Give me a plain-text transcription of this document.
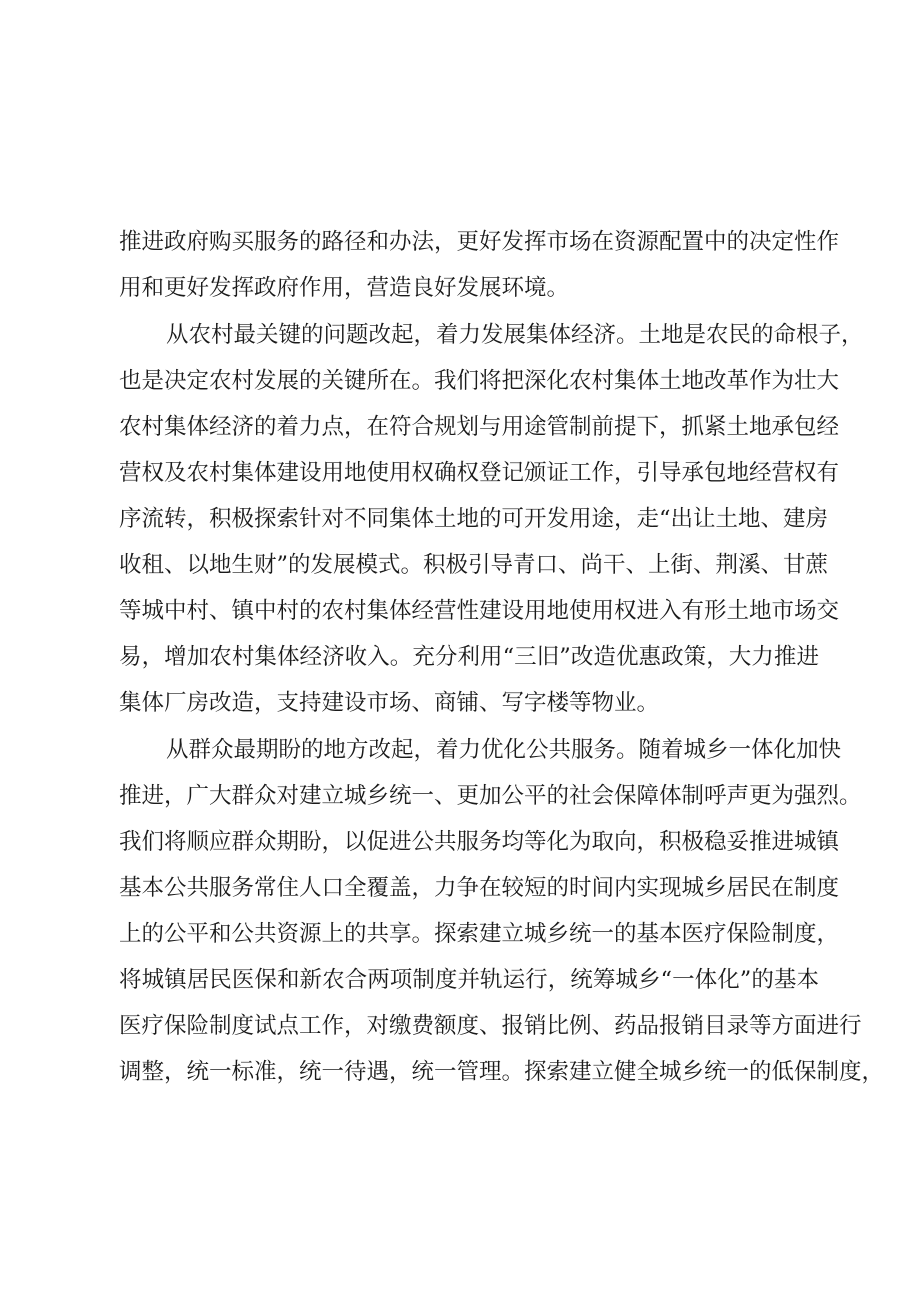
推进政府购买服务的路径和办法，更好发挥市场在资源配置中的决定性作
用和更好发挥政府作用，营造良好发展环境。
从农村最关键的问题改起，着力发展集体经济。土地是农民的命根子，
也是决定农村发展的关键所在。我们将把深化农村集体土地改革作为壮大
农村集体经济的着力点，在符合规划与用途管制前提下，抓紧土地承包经
营权及农村集体建设用地使用权确权登记颁证工作，引导承包地经营权有
序流转，积极探索针对不同集体土地的可开发用途，走“出让土地、建房
收租、以地生财”的发展模式。积极引导青口、尚干、上街、荆溪、甘蔗
等城中村、镇中村的农村集体经营性建设用地使用权进入有形土地市场交
易，增加农村集体经济收入。充分利用“三旧”改造优惠政策，大力推进
集体厂房改造，支持建设市场、商铺、写字楼等物业。
从群众最期盼的地方改起，着力优化公共服务。随着城乡一体化加快
推进，广大群众对建立城乡统一、更加公平的社会保障体制呼声更为强烈。
我们将顺应群众期盼，以促进公共服务均等化为取向，积极稳妥推进城镇
基本公共服务常住人口全覆盖，力争在较短的时间内实现城乡居民在制度
上的公平和公共资源上的共享。探索建立城乡统一的基本医疗保险制度，
将城镇居民医保和新农合两项制度并轨运行，统筹城乡“一体化”的基本
医疗保险制度试点工作，对缴费额度、报销比例、药品报销目录等方面进行
调整，统一标准，统一待遇，统一管理。探索建立健全城乡统一的低保制度，
